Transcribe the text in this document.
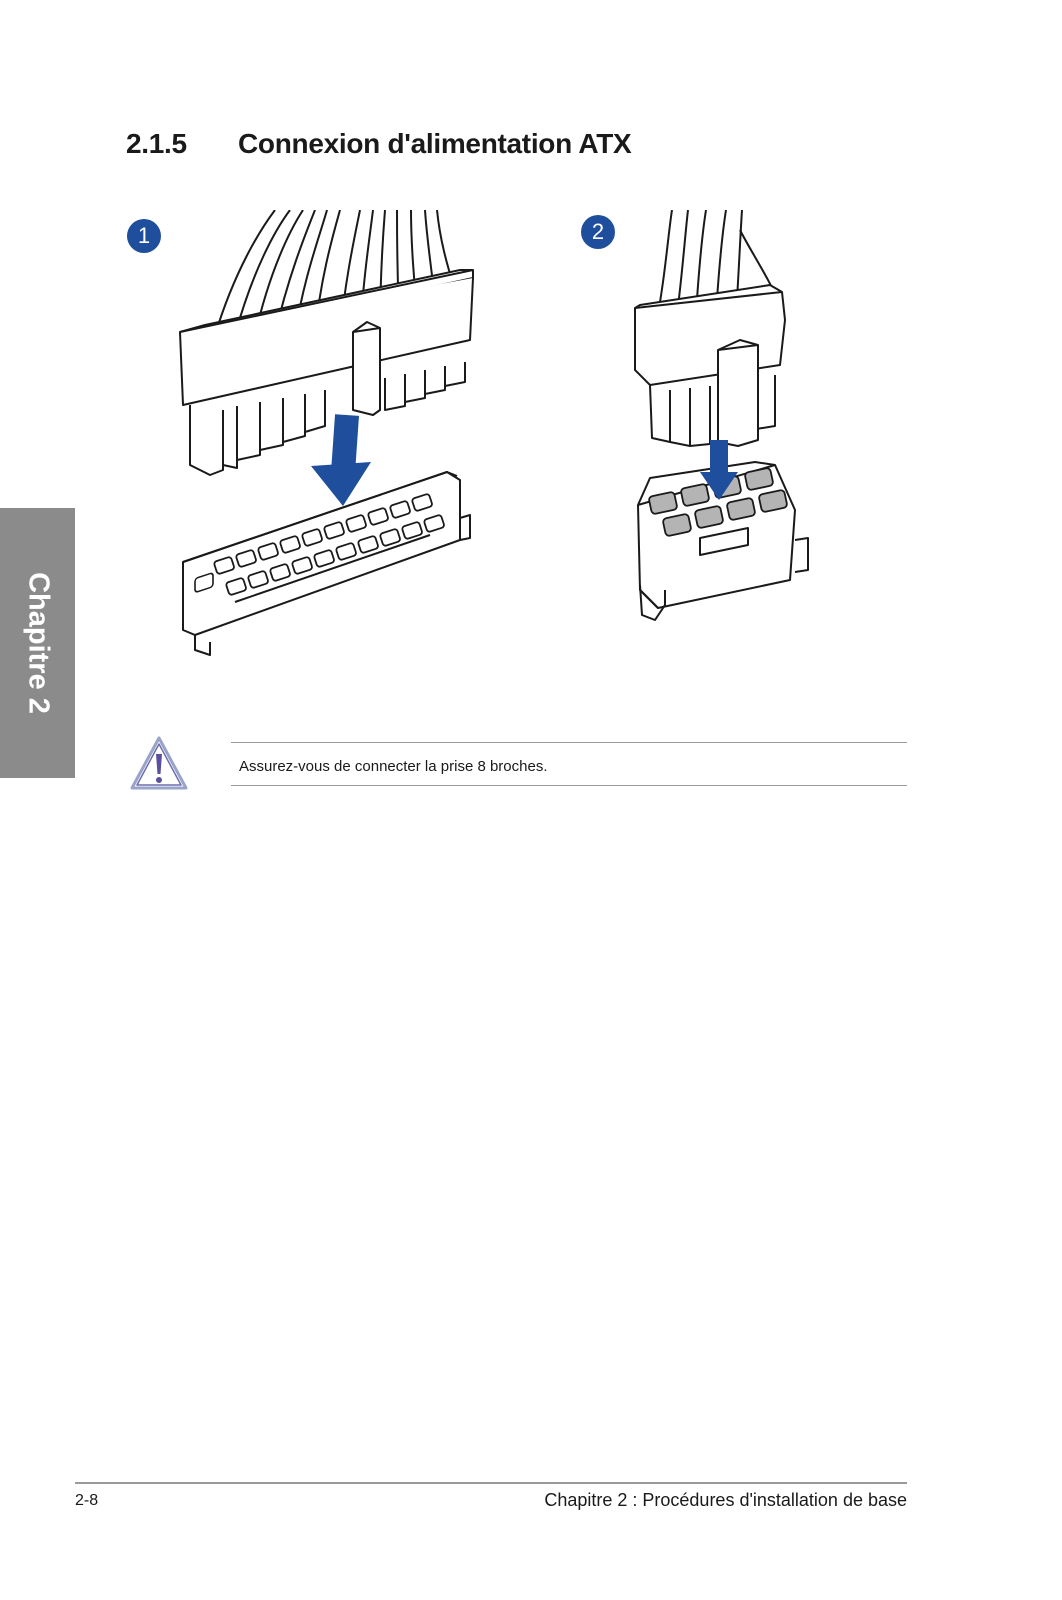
2.1.5 Connexion d'alimentation ATX
Chapitre 2
1	2
Assurez-vous de connecter la prise 8 broches.
2-8	Chapitre 2 : Procédures d'installation de base
